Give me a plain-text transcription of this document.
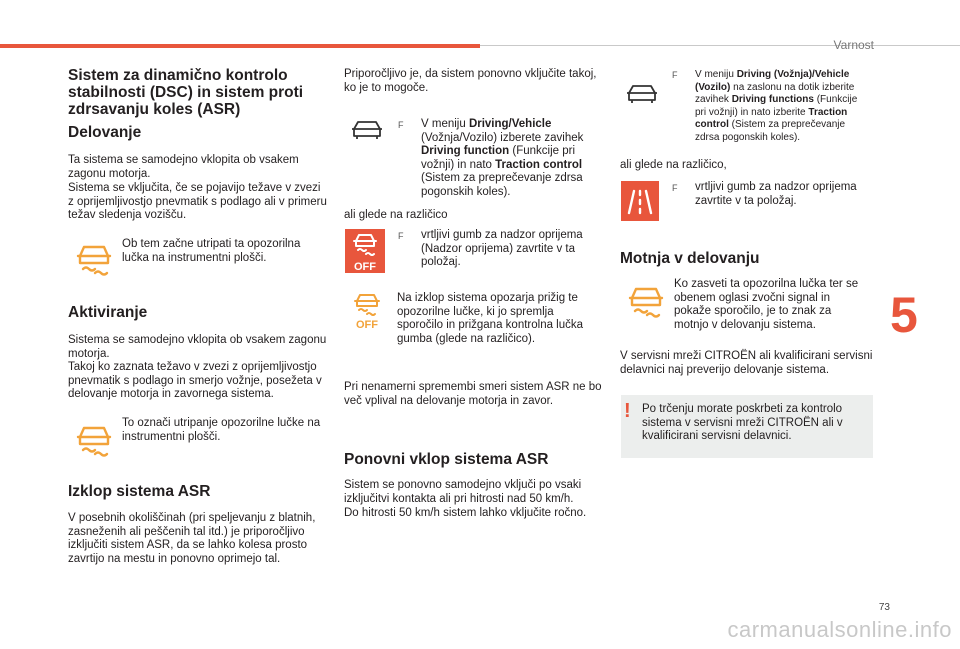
Varnost
5
73
carmanualsonline.info

Sistem za dinamično kontrolo stabilnosti (DSC) in sistem proti zdrsavanju koles (ASR)

Delovanje

Ta sistema se samodejno vklopita ob vsakem zagonu motorja.

Sistema se vključita, če se pojavijo težave v zvezi z oprijemljivostjo pnevmatik s podlago ali v primeru težav sledenja vozišču.

Ob tem začne utripati ta opozorilna lučka na instrumentni plošči.

Aktiviranje

Sistema se samodejno vklopita ob vsakem zagonu motorja.

Takoj ko zaznata težavo v zvezi z oprijemljivostjo pnevmatik s podlago in smerjo vožnje, posežeta v delovanje motorja in zavornega sistema.

To označi utripanje opozorilne lučke na instrumentni plošči.

Izklop sistema ASR

V posebnih okoliščinah (pri speljevanju z blatnih, zasneženih ali peščenih tal itd.) je priporočljivo izključiti sistem ASR, da se lahko kolesa prosto zavrtijo na mestu in ponovno oprimejo tal.

Priporočljivo je, da sistem ponovno vključite takoj, ko je to mogoče.

F V meniju Driving/Vehicle (Vožnja/Vozilo) izberete zavihek Driving function (Funkcije pri vožnji) in nato Traction control (Sistem za preprečevanje zdrsa pogonskih koles).

ali glede na različico

OFF
F vrtljivi gumb za nadzor oprijema (Nadzor oprijema) zavrtite v ta položaj.

OFF

Na izklop sistema opozarja prižig te opozorilne lučke, ki jo spremlja sporočilo in prižgana kontrolna lučka gumba (glede na različico).

Pri nenamerni spremembi smeri sistem ASR ne bo več vplival na delovanje motorja in zavor.

Ponovni vklop sistema ASR

Sistem se ponovno samodejno vključi po vsaki izključitvi kontakta ali pri hitrosti nad 50 km/h.

Do hitrosti 50 km/h sistem lahko vključite ročno.

F V meniju Driving (Vožnja)/Vehicle (Vozilo) na zaslonu na dotik izberite zavihek Driving functions (Funkcije pri vožnji) in nato izberite Traction control (Sistem za preprečevanje zdrsa pogonskih koles).

ali glede na različico,

F vrtljivi gumb za nadzor oprijema zavrtite v ta položaj.

Motnja v delovanju

Ko zasveti ta opozorilna lučka ter se obenem oglasi zvočni signal in pokaže sporočilo, je to znak za motnjo v delovanju sistema.

V servisni mreži CITROËN ali kvalificirani servisni delavnici naj preverijo delovanje sistema.

! Po trčenju morate poskrbeti za kontrolo sistema v servisni mreži CITROËN ali v kvalificirani servisni delavnici.
